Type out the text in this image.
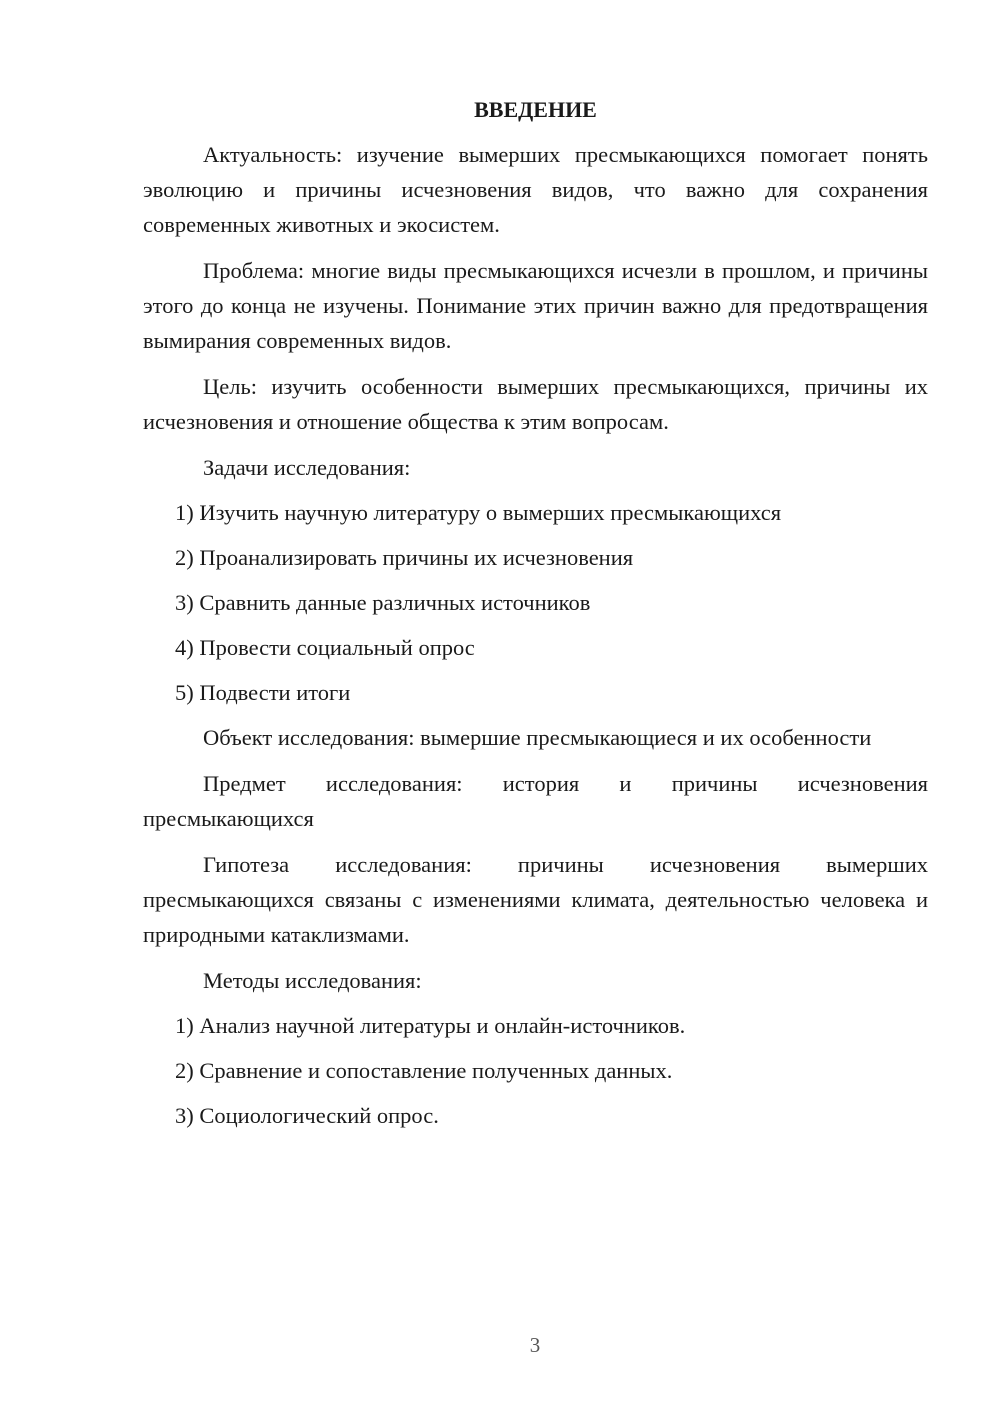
ВВЕДЕНИЕ

Актуальность: изучение вымерших пресмыкающихся помогает понять эволюцию и причины исчезновения видов, что важно для сохранения современных животных и экосистем.

Проблема: многие виды пресмыкающихся исчезли в прошлом, и причины этого до конца не изучены. Понимание этих причин важно для предотвращения вымирания современных видов.

Цель: изучить особенности вымерших пресмыкающихся, причины их исчезновения и отношение общества к этим вопросам.

Задачи исследования:

1) Изучить научную литературу о вымерших пресмыкающихся
2) Проанализировать причины их исчезновения
3) Сравнить данные различных источников
4) Провести социальный опрос
5) Подвести итоги

Объект исследования: вымершие пресмыкающиеся и их особенности

Предмет исследования: история и причины исчезновения пресмыкающихся

Гипотеза исследования: причины исчезновения вымерших пресмыкающихся связаны с изменениями климата, деятельностью человека и природными катаклизмами.

Методы исследования:

1) Анализ научной литературы и онлайн-источников.
2) Сравнение и сопоставление полученных данных.
3) Социологический опрос.
3
